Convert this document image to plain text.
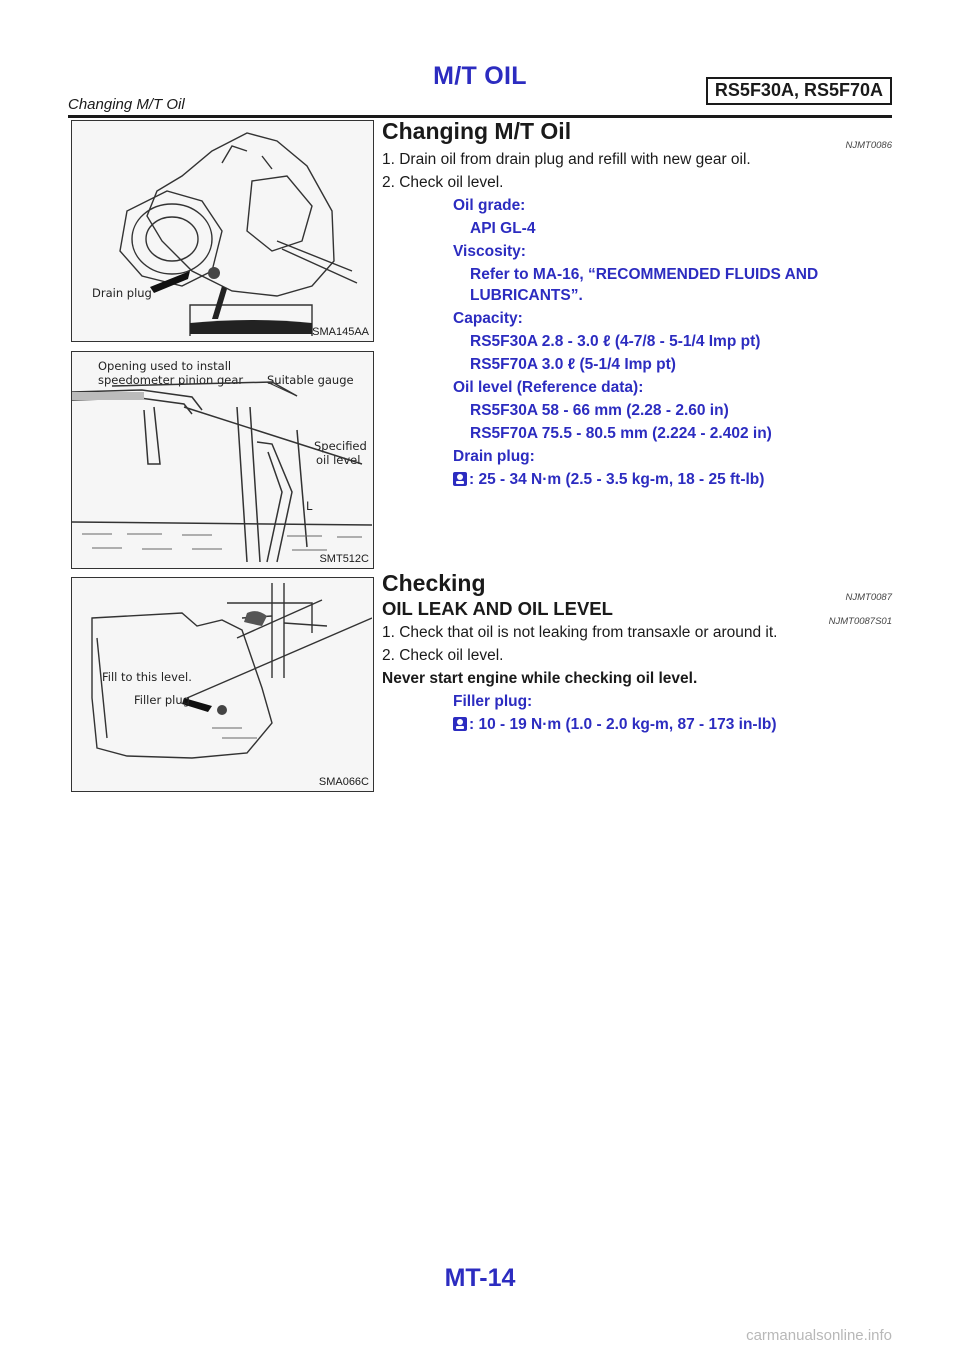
M/T OIL	RS5F30A, RS5F70A
Changing M/T Oil
Drain plug
SMA145AA
Opening used to install
speedometer pinion gear Suitable gauge
Specified
oil level
L
SMT512C
Fill to this level.
Filler plug
SMA066C
Changing M/T Oil
NJMT0086
1. Drain oil from drain plug and refill with new gear oil.
2. Check oil level.
Oil grade:
API GL-4
Viscosity:
Refer to MA-16, “RECOMMENDED FLUIDS AND
LUBRICANTS”.
Capacity:
RS5F30A 2.8 - 3.0 ℓ (4-7/8 - 5-1/4 Imp pt)
RS5F70A 3.0 ℓ (5-1/4 Imp pt)
Oil level (Reference data):
RS5F30A 58 - 66 mm (2.28 - 2.60 in)
RS5F70A 75.5 - 80.5 mm (2.224 - 2.402 in)
Drain plug:
: 25 - 34 N·m (2.5 - 3.5 kg-m, 18 - 25 ft-lb)
Checking
NJMT0087
OIL LEAK AND OIL LEVEL
NJMT0087S01
1. Check that oil is not leaking from transaxle or around it.
2. Check oil level.
Never start engine while checking oil level.
Filler plug:
: 10 - 19 N·m (1.0 - 2.0 kg-m, 87 - 173 in-lb)
MT-14
carmanualsonline.info
